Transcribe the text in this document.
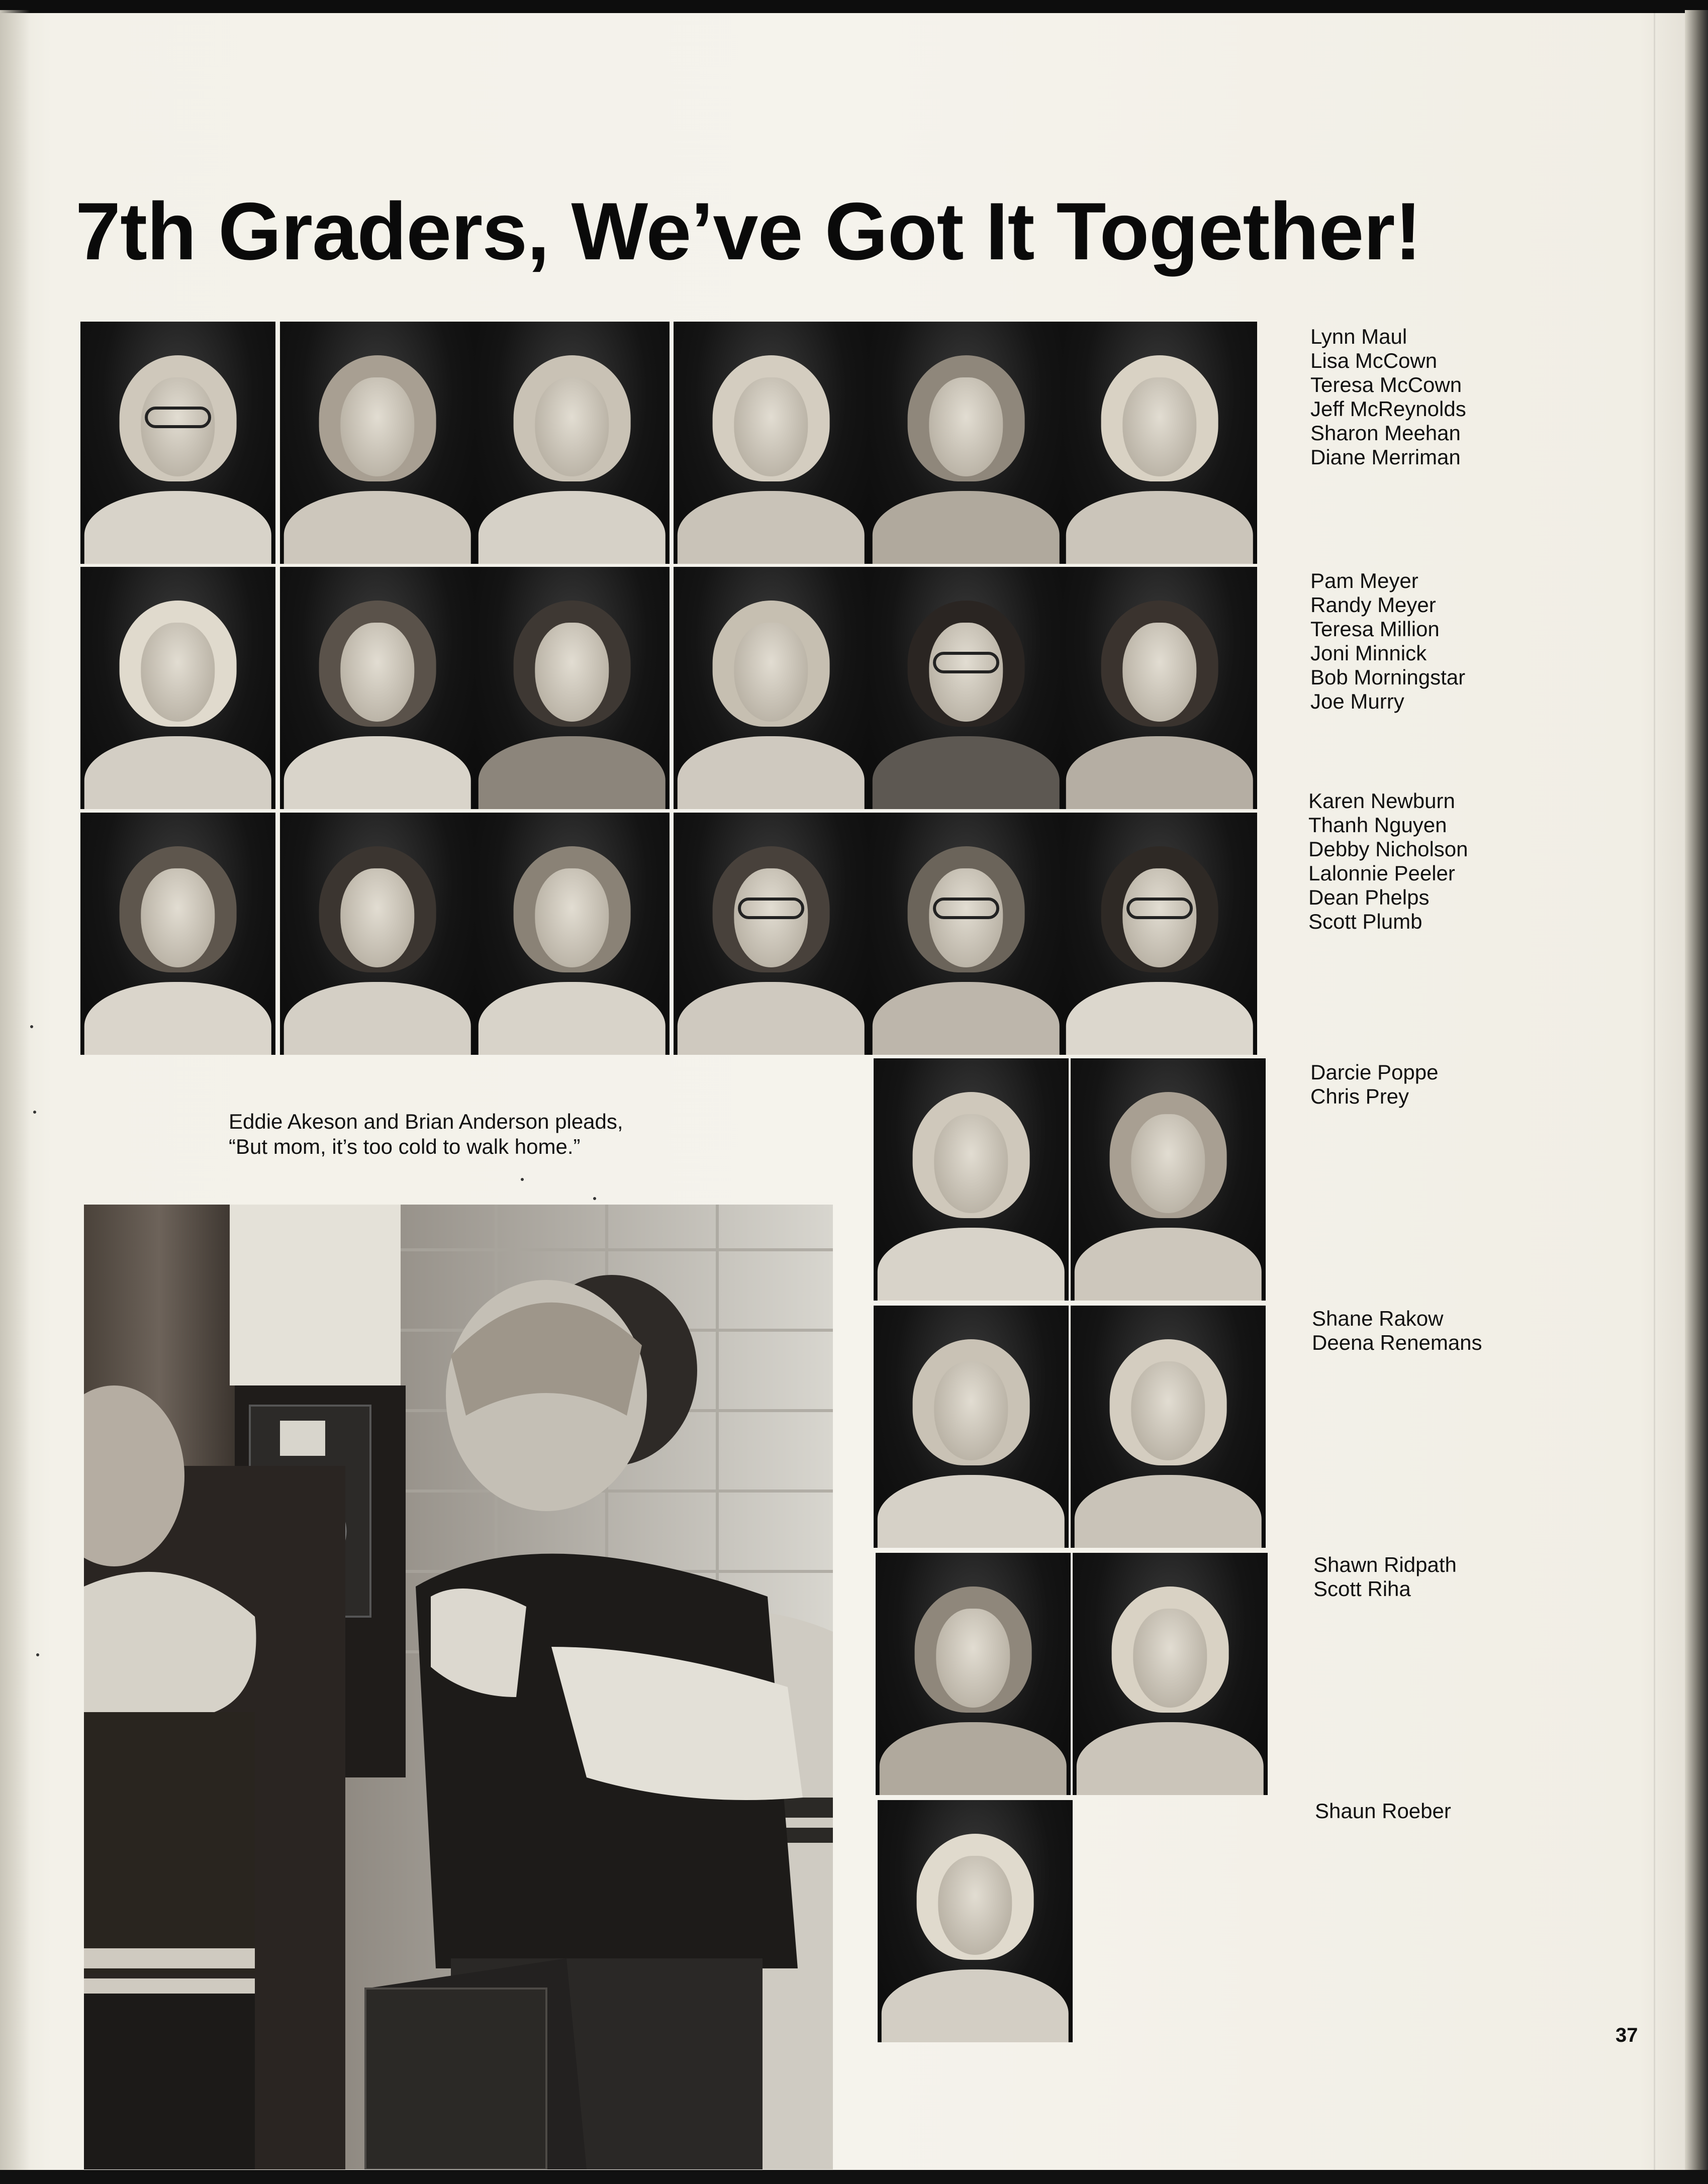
7th Graders, We’ve Got It Together!
Lynn Maul
Lisa McCown
Teresa McCown
Jeff McReynolds
Sharon Meehan
Diane Merriman
Pam Meyer
Randy Meyer
Teresa Million
Joni Minnick
Bob Morningstar
Joe Murry
Karen Newburn
Thanh Nguyen
Debby Nicholson
Lalonnie Peeler
Dean Phelps
Scott Plumb
Darcie Poppe
Chris Prey
Shane Rakow
Deena Renemans
Shawn Ridpath
Scott Riha
Shaun Roeber
Eddie Akeson and Brian Anderson pleads,
“But mom, it’s too cold to walk home.”
37
